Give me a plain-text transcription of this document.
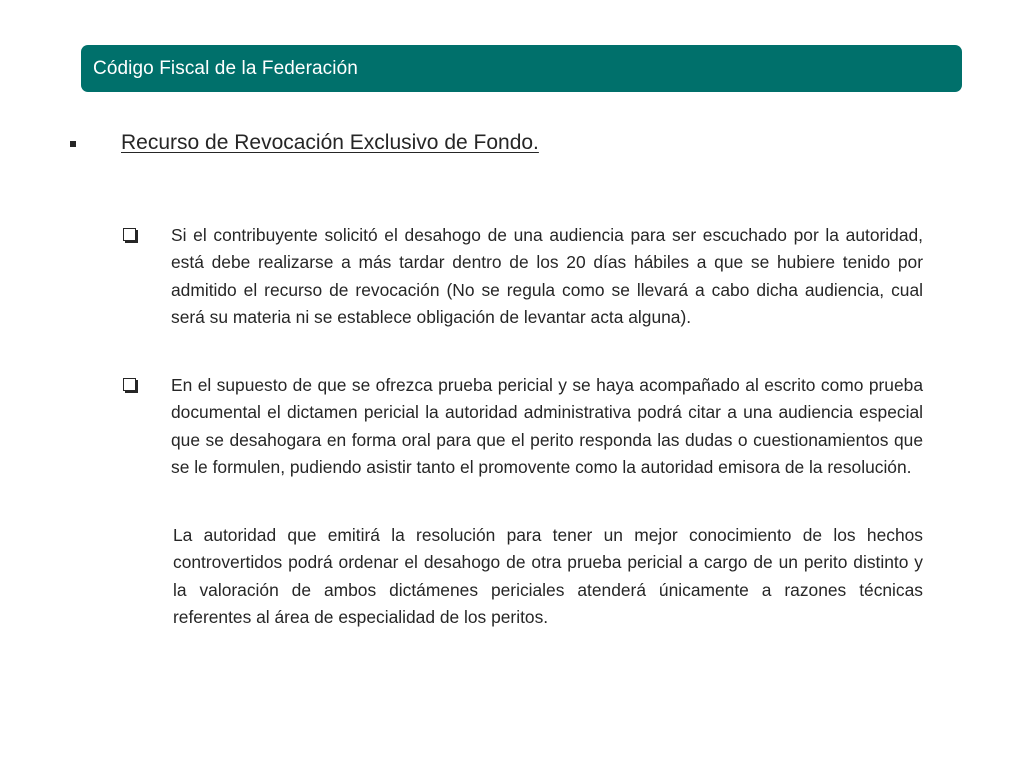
Código Fiscal de la Federación
Recurso de Revocación Exclusivo de Fondo.

Si el contribuyente solicitó el desahogo de una audiencia para ser escuchado por la autoridad, está debe realizarse a más tardar dentro de los 20 días hábiles a que se hubiere tenido por admitido el recurso de revocación (No se regula como se llevará a cabo dicha audiencia, cual será su materia ni se establece obligación de levantar acta alguna).

En el supuesto de que se ofrezca prueba pericial y se haya acompañado al escrito como prueba documental el dictamen pericial la autoridad administrativa podrá citar a una audiencia especial que se desahogara en forma oral para que el perito responda las dudas o cuestionamientos que se le formulen, pudiendo asistir tanto el promovente como la autoridad emisora de la resolución.

La autoridad que emitirá la resolución para tener un mejor conocimiento de los hechos controvertidos podrá ordenar el desahogo de otra prueba pericial a cargo de un perito distinto y la valoración de ambos dictámenes periciales atenderá únicamente a razones técnicas referentes al área de especialidad de los peritos.
